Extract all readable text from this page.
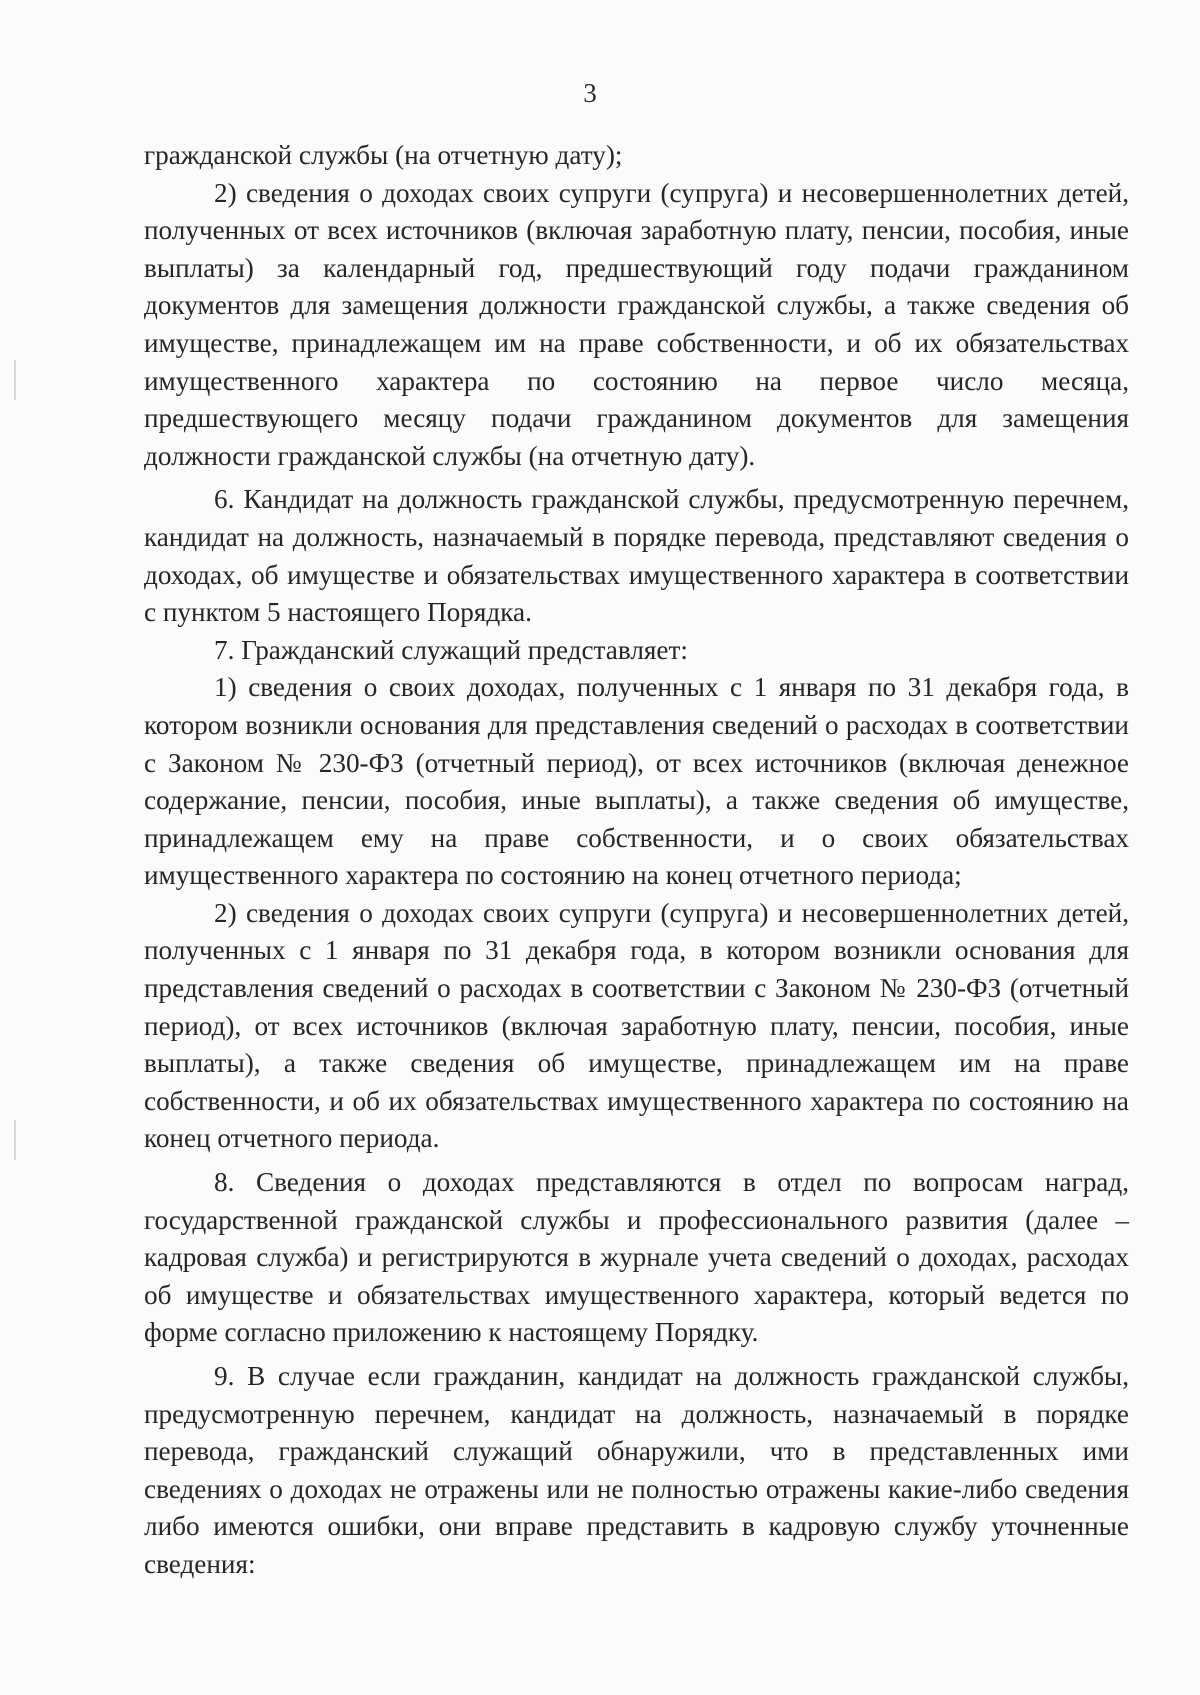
3

гражданской службы (на отчетную дату);

2) сведения о доходах своих супруги (супруга) и несовершеннолетних детей, полученных от всех источников (включая заработную плату, пенсии, пособия, иные выплаты) за календарный год, предшествующий году подачи гражданином документов для замещения должности гражданской службы, а также сведения об имуществе, принадлежащем им на праве собственности, и об их обязательствах имущественного характера по состоянию на первое число месяца, предшествующего месяцу подачи гражданином документов для замещения должности гражданской службы (на отчетную дату).

6. Кандидат на должность гражданской службы, предусмотренную перечнем, кандидат на должность, назначаемый в порядке перевода, представляют сведения о доходах, об имуществе и обязательствах имущественного характера в соответствии с пунктом 5 настоящего Порядка.

7. Гражданский служащий представляет:

1) сведения о своих доходах, полученных с 1 января по 31 декабря года, в котором возникли основания для представления сведений о расходах в соответствии с Законом № 230-ФЗ (отчетный период), от всех источников (включая денежное содержание, пенсии, пособия, иные выплаты), а также сведения об имуществе, принадлежащем ему на праве собственности, и о своих обязательствах имущественного характера по состоянию на конец отчетного периода;

2) сведения о доходах своих супруги (супруга) и несовершеннолетних детей, полученных с 1 января по 31 декабря года, в котором возникли основания для представления сведений о расходах в соответствии с Законом № 230-ФЗ (отчетный период), от всех источников (включая заработную плату, пенсии, пособия, иные выплаты), а также сведения об имуществе, принадлежащем им на праве собственности, и об их обязательствах имущественного характера по состоянию на конец отчетного периода.

8. Сведения о доходах представляются в отдел по вопросам наград, государственной гражданской службы и профессионального развития (далее – кадровая служба) и регистрируются в журнале учета сведений о доходах, расходах об имуществе и обязательствах имущественного характера, который ведется по форме согласно приложению к настоящему Порядку.

9. В случае если гражданин, кандидат на должность гражданской службы, предусмотренную перечнем, кандидат на должность, назначаемый в порядке перевода, гражданский служащий обнаружили, что в представленных ими сведениях о доходах не отражены или не полностью отражены какие-либо сведения либо имеются ошибки, они вправе представить в кадровую службу уточненные сведения:
